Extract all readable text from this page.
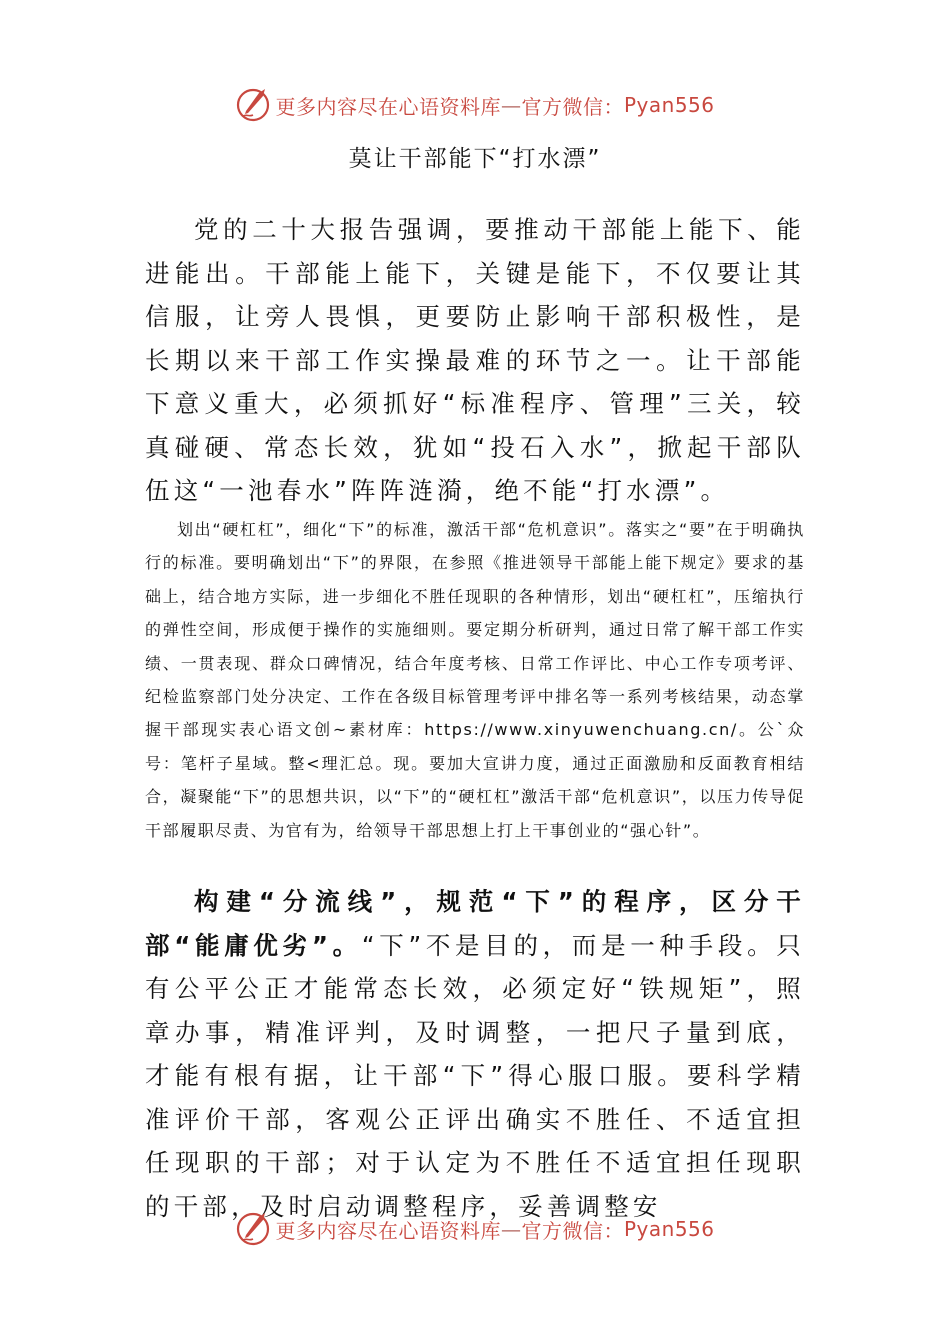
更多内容尽在心语资料库 — 官方微信： Pyan556
莫让干部能下“打水漂”

党的二十大报告强调，要推动干部能上能下、能进能出。干部能上能下，关键是能下，不仅要让其信服，让旁人畏惧，更要防止影响干部积极性，是长期以来干部工作实操最难的环节之一。让干部能下意义重大，必须抓好“标准程序、管理”三关，较真碰硬、常态长效，犹如“投石入水”，掀起干部队伍这“一池春水”阵阵涟漪，绝不能“打水漂”。

划出“硬杠杠”，细化“下”的标准，激活干部“危机意识”。落实之“要”在于明确执行的标准。要明确划出“下”的界限，在参照《推进领导干部能上能下规定》要求的基础上，结合地方实际，进一步细化不胜任现职的各种情形，划出“硬杠杠”，压缩执行的弹性空间，形成便于操作的实施细则。要定期分析研判，通过日常了解干部工作实绩、一贯表现、群众口碑情况，结合年度考核、日常工作评比、中心工作专项考评、纪检监察部门处分决定、工作在各级目标管理考评中排名等一系列考核结果，动态掌握干部现实表心语文创~素材库：https://www.xinyuwenchuang.cn/。公`众号：笔杆子星域。整<理汇总。现。要加大宣讲力度，通过正面激励和反面教育相结合，凝聚能“下”的思想共识，以“下”的“硬杠杠”激活干部“危机意识”，以压力传导促干部履职尽责、为官有为，给领导干部思想上打上干事创业的“强心针”。

构建“分流线”，规范“下”的程序，区分干部“能庸优劣”。“下”不是目的，而是一种手段。只有公平公正才能常态长效，必须定好“铁规矩”，照章办事，精准评判，及时调整，一把尺子量到底，才能有根有据，让干部“下”得心服口服。要科学精准评价干部，客观公正评出确实不胜任、不适宜担任现职的干部；对于认定为不胜任不适宜担任现职的干部，及时启动调整程序，妥善调整安

更多内容尽在心语资料库 — 官方微信： Pyan556
